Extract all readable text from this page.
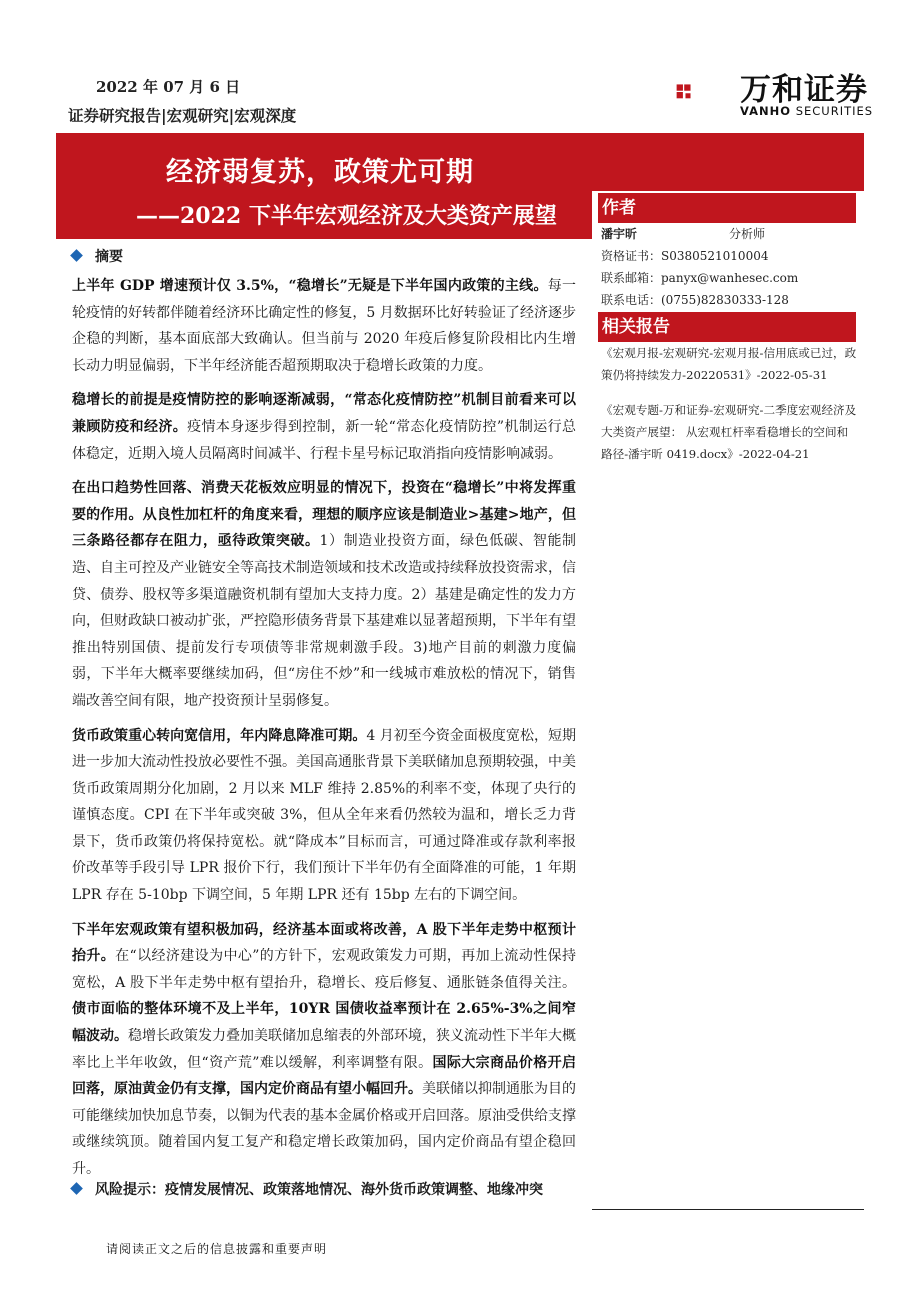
2022 年 07 月 6 日
证券研究报告|宏观研究|宏观深度
万和证券
VANHO SECURITIES
经济弱复苏，政策尤可期
——2022 下半年宏观经济及大类资产展望	作者
潘宇昕	分析师
资格证书：S0380521010004
联系邮箱：panyx@wanhesec.com
联系电话：(0755)82830333-128
相关报告
《宏观月报-宏观研究-宏观月报-信用底或已过，政策仍将持续发力-20220531》-2022-05-31
《宏观专题-万和证券-宏观研究-二季度宏观经济及大类资产展望： 从宏观杠杆率看稳增长的空间和路径-潘宇昕 0419.docx》-2022-04-21
摘要

上半年 GDP 增速预计仅 3.5%，“稳增长”无疑是下半年国内政策的主线。每一轮疫情的好转都伴随着经济环比确定性的修复，5 月数据环比好转验证了经济逐步企稳的判断，基本面底部大致确认。但当前与 2020 年疫后修复阶段相比内生增长动力明显偏弱，下半年经济能否超预期取决于稳增长政策的力度。

稳增长的前提是疫情防控的影响逐渐减弱，“常态化疫情防控”机制目前看来可以兼顾防疫和经济。疫情本身逐步得到控制，新一轮“常态化疫情防控”机制运行总体稳定，近期入境人员隔离时间减半、行程卡星号标记取消指向疫情影响减弱。

在出口趋势性回落、消费天花板效应明显的情况下，投资在“稳增长”中将发挥重要的作用。从良性加杠杆的角度来看，理想的顺序应该是制造业>基建>地产，但三条路径都存在阻力，亟待政策突破。1）制造业投资方面，绿色低碳、智能制造、自主可控及产业链安全等高技术制造领域和技术改造或持续释放投资需求，信贷、债券、股权等多渠道融资机制有望加大支持力度。2）基建是确定性的发力方向，但财政缺口被动扩张，严控隐形债务背景下基建难以显著超预期，下半年有望推出特别国债、提前发行专项债等非常规刺激手段。3)地产目前的刺激力度偏弱，下半年大概率要继续加码，但“房住不炒”和一线城市难放松的情况下，销售端改善空间有限，地产投资预计呈弱修复。

货币政策重心转向宽信用，年内降息降准可期。4 月初至今资金面极度宽松，短期进一步加大流动性投放必要性不强。美国高通胀背景下美联储加息预期较强，中美货币政策周期分化加剧，2 月以来 MLF 维持 2.85%的利率不变，体现了央行的谨慎态度。CPI 在下半年或突破 3%，但从全年来看仍然较为温和，增长乏力背景下，货币政策仍将保持宽松。就“降成本”目标而言，可通过降准或存款利率报价改革等手段引导 LPR 报价下行，我们预计下半年仍有全面降准的可能，1 年期 LPR 存在 5-10bp 下调空间，5 年期 LPR 还有 15bp 左右的下调空间。

下半年宏观政策有望积极加码，经济基本面或将改善，A 股下半年走势中枢预计抬升。在“以经济建设为中心”的方针下，宏观政策发力可期，再加上流动性保持宽松，A 股下半年走势中枢有望抬升，稳增长、疫后修复、通胀链条值得关注。债市面临的整体环境不及上半年，10YR 国债收益率预计在 2.65%-3%之间窄幅波动。稳增长政策发力叠加美联储加息缩表的外部环境，狭义流动性下半年大概率比上半年收敛，但“资产荒”难以缓解，利率调整有限。国际大宗商品价格开启回落，原油黄金仍有支撑，国内定价商品有望小幅回升。美联储以抑制通胀为目的可能继续加快加息节奏，以铜为代表的基本金属价格或开启回落。原油受供给支撑或继续筑顶。随着国内复工复产和稳定增长政策加码，国内定价商品有望企稳回升。

风险提示：疫情发展情况、政策落地情况、海外货币政策调整、地缘冲突
请阅读正文之后的信息披露和重要声明
